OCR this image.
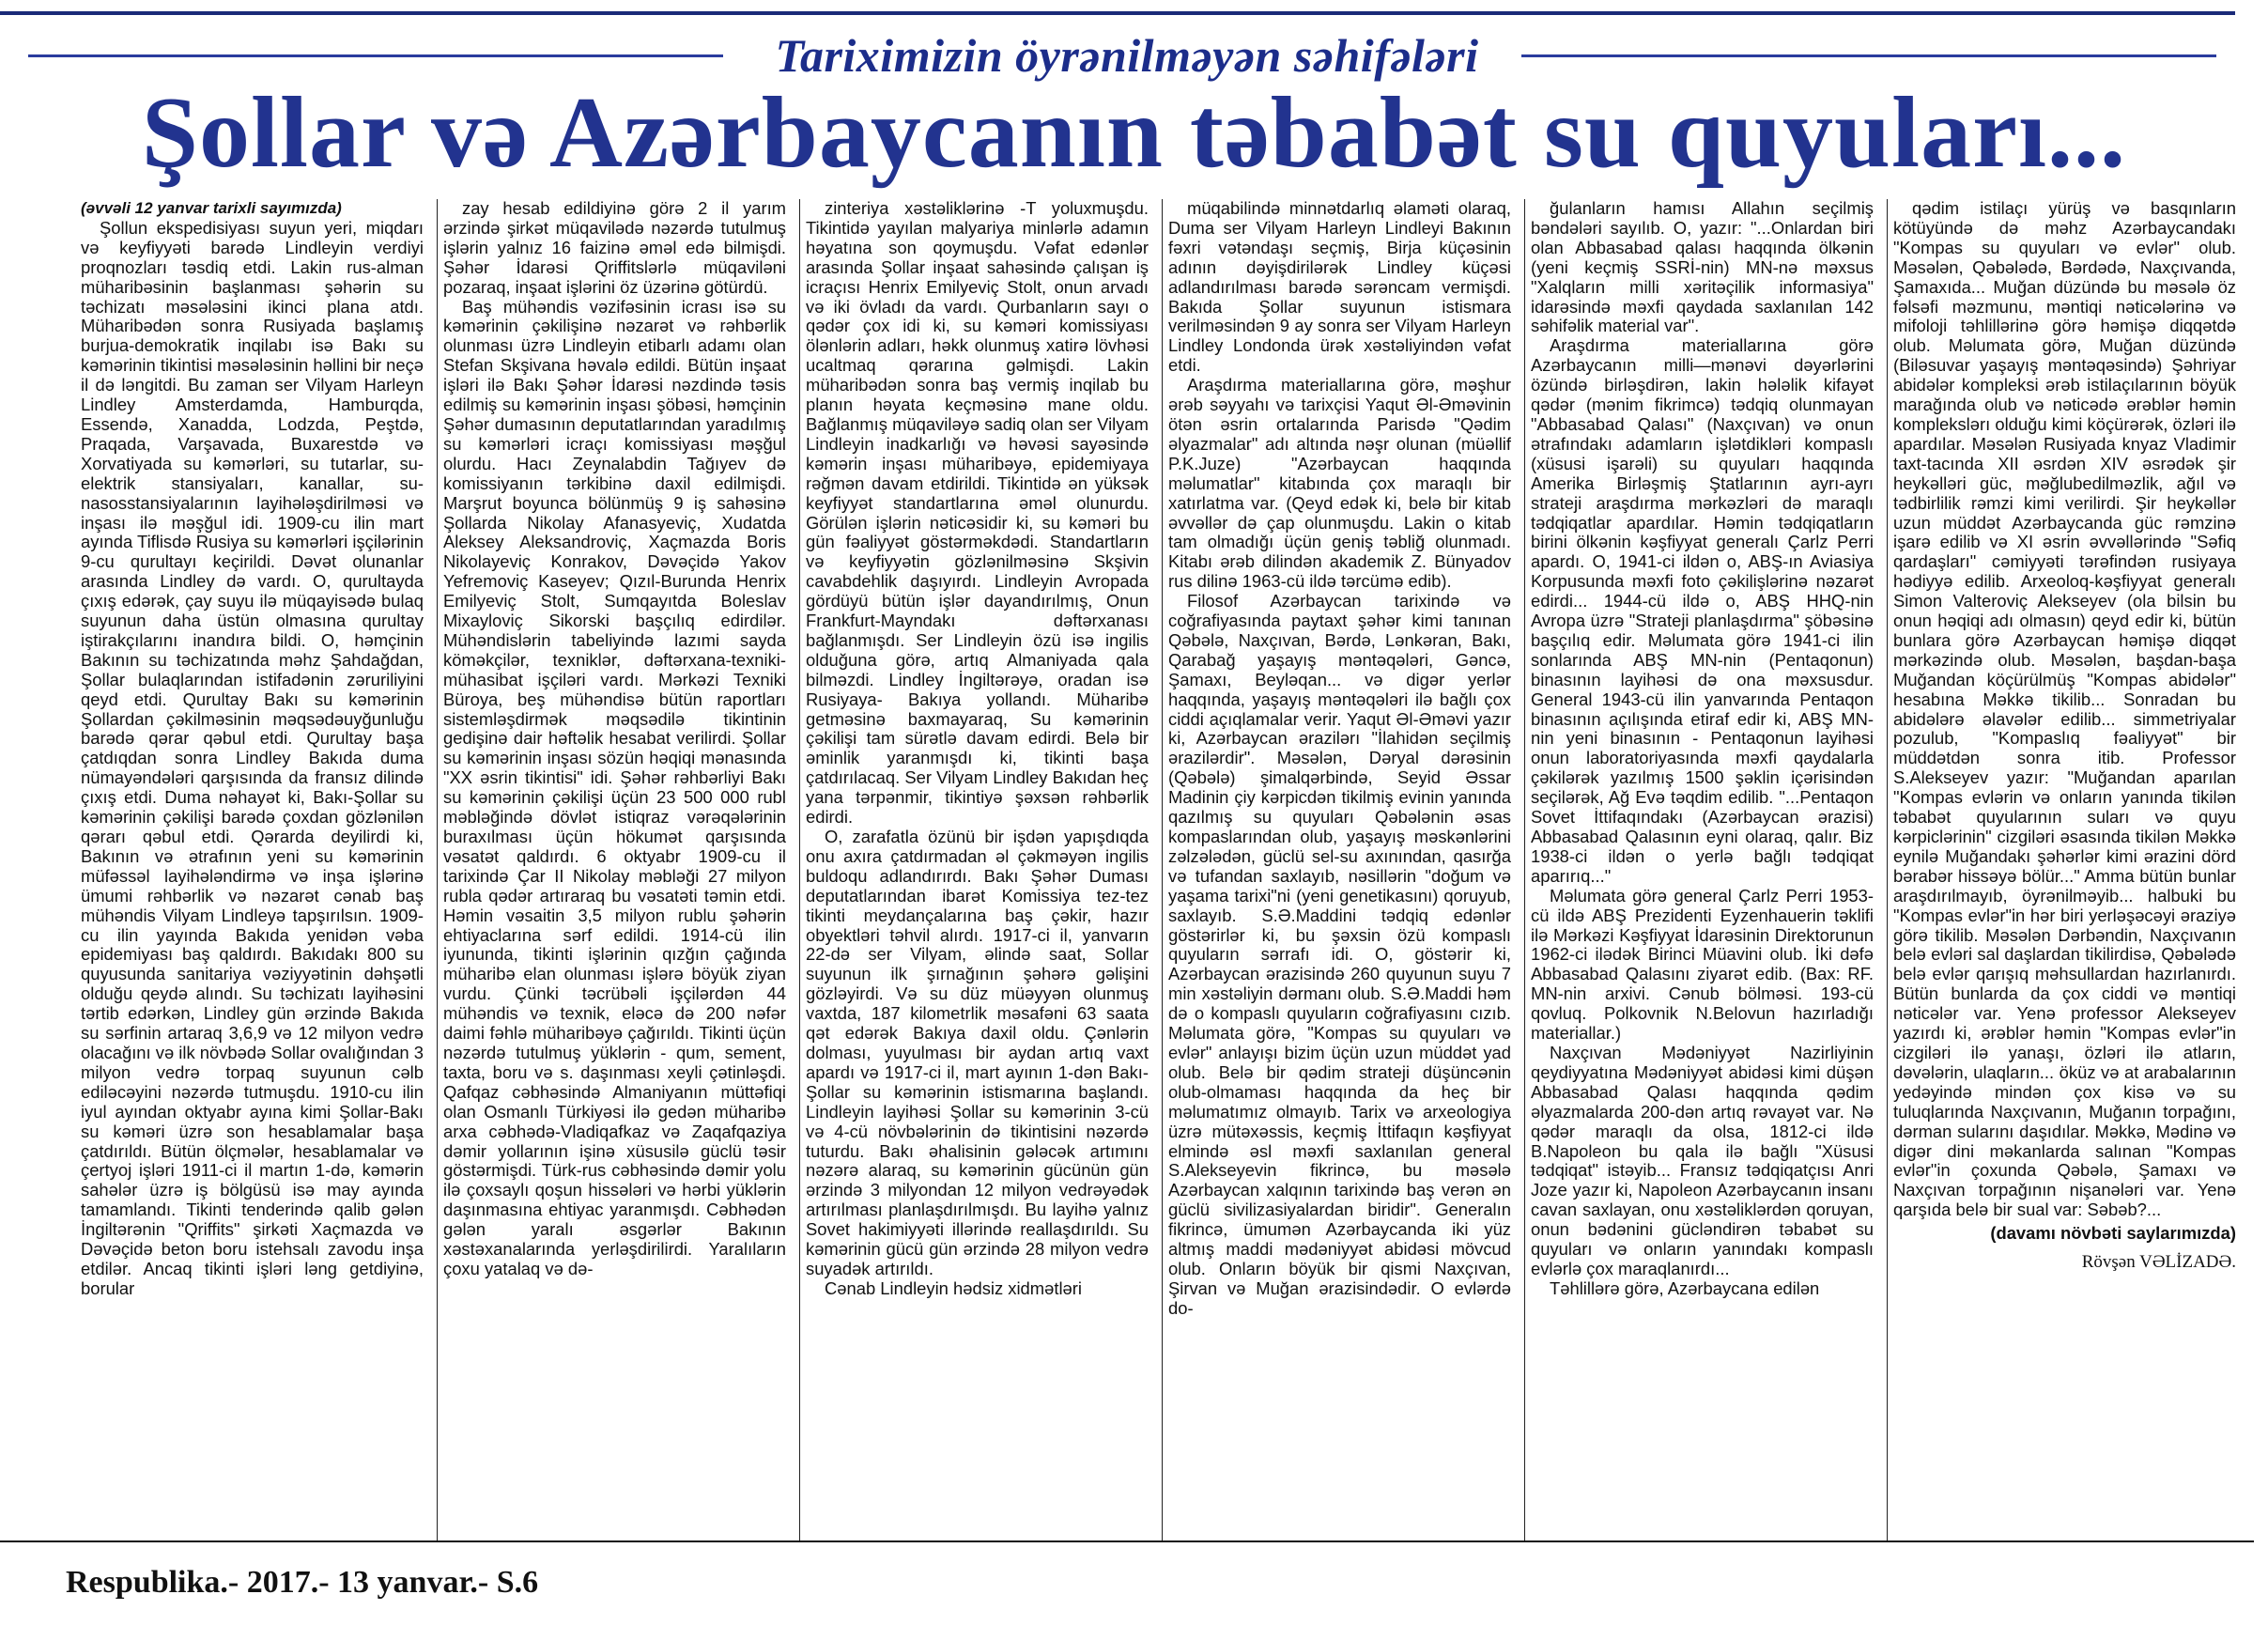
Tariximizin öyrənilməyən səhifələri
Şollar və Azərbaycanın təbabət su quyuları...

(əvvəli 12 yanvar tarixli sayımızda)

Şollun ekspedisiyası suyun yeri, miqdarı və keyfiyyəti barədə Lindleyin verdiyi proqnozları təsdiq etdi. Lakin rus-alman müharibəsinin başlanması şəhərin su təchizatı məsələsini ikinci plana atdı. Müharibədən sonra Rusiyada başlamış burjua-demokratik inqilabı isə Bakı su kəmərinin tikintisi məsələsinin həllini bir neçə il də ləngitdi. Bu zaman ser Vilyam Harleyn Lindley Amsterdamda, Hamburqda, Essendə, Xanadda, Lodzda, Peştdə, Praqada, Varşavada, Buxarestdə və Xorvatiyada su kəmərləri, su tutarlar, su-elektrik stansiyaları, kanallar, su-nasosstansiyalarının layihələşdirilməsi və inşası ilə məşğul idi. 1909-cu ilin mart ayında Tiflisdə Rusiya su kəmərləri işçilərinin 9-cu qurultayı keçirildi. Dəvət olunanlar arasında Lindley də vardı. O, qurultayda çıxış edərək, çay suyu ilə müqayisədə bulaq suyunun daha üstün olmasına qurultay iştirakçılarını inandıra bildi. O, həmçinin Bakının su təchizatında məhz Şahdağdan, Şollar bulaqlarından istifadənin zəruriliyini qeyd etdi. Qurultay Bakı su kəmərinin Şollardan çəkilməsinin məqsədəuyğunluğu barədə qərar qəbul etdi. Qurultay başa çatdıqdan sonra Lindley Bakıda duma nümayəndələri qarşısında da fransız dilində çıxış etdi. Duma nəhayət ki, Bakı-Şollar su kəmərinin çəkilişi barədə çoxdan gözlənilən qərarı qəbul etdi. Qərarda deyilirdi ki, Bakının və ətrafının yeni su kəmərinin müfəssəl layihələndirmə və inşa işlərinə ümumi rəhbərlik və nəzarət cənab baş mühəndis Vilyam Lindleyə tapşırılsın. 1909-cu ilin yayında Bakıda yenidən vəba epidemiyası baş qaldırdı. Bakıdakı 800 su quyusunda sanitariya vəziyyətinin dəhşətli olduğu qeydə alındı. Su təchizatı layihəsini tərtib edərkən, Lindley gün ərzində Bakıda su sərfinin artaraq 3,6,9 və 12 milyon vedrə olacağını və ilk növbədə Sollar ovalığından 3 milyon vedrə torpaq suyunun cəlb ediləcəyini nəzərdə tutmuşdu. 1910-cu ilin iyul ayından oktyabr ayına kimi Şollar-Bakı su kəməri üzrə son hesablamalar başa çatdırıldı. Bütün ölçmələr, hesablamalar və çertyoj işləri 1911-ci il martın 1-də, kəmərin sahələr üzrə iş bölgüsü isə may ayında tamamlandı. Tikinti tenderində qalib gələn İngiltərənin "Qriffits" şirkəti Xaçmazda və Dəvəçidə beton boru istehsalı zavodu inşa etdilər. Ancaq tikinti işləri ləng getdiyinə, borular

zay hesab edildiyinə görə 2 il yarım ərzində şirkət müqavilədə nəzərdə tutulmuş işlərin yalnız 16 faizinə əməl edə bilmişdi. Şəhər İdarəsi Qriffitslərlə müqaviləni pozaraq, inşaat işlərini öz üzərinə götürdü.

Baş mühəndis vəzifəsinin icrası isə su kəmərinin çəkilişinə nəzarət və rəhbərlik olunması üzrə Lindleyin etibarlı adamı olan Stefan Skşivana həvalə edildi. Bütün inşaat işləri ilə Bakı Şəhər İdarəsi nəzdində təsis edilmiş su kəmərinin inşası şöbəsi, həmçinin Şəhər dumasının deputatlarından yaradılmış su kəmərləri icraçı komissiyası məşğul olurdu. Hacı Zeynalabdin Tağıyev də komissiyanın tərkibinə daxil edilmişdi. Marşrut boyunca bölünmüş 9 iş sahəsinə Şollarda Nikolay Afanasyeviç, Xudatda Aleksey Aleksandroviç, Xaçmazda Boris Nikolayeviç Konrakov, Dəvəçidə Yakov Yefremoviç Kaseyev; Qızıl-Burunda Henrix Emilyeviç Stolt, Sumqayıtda Boleslav Mixayloviç Sikorski başçılıq edirdilər. Mühəndislərin tabeliyində lazımi sayda köməkçilər, texniklər, dəftərxana-texniki-mühasibat işçiləri vardı. Mərkəzi Texniki Büroya, beş mühəndisə bütün raportları sistemləşdirmək məqsədilə tikintinin gedişinə dair həftəlik hesabat verilirdi. Şollar su kəmərinin inşası sözün həqiqi mənasında "XX əsrin tikintisi" idi. Şəhər rəhbərliyi Bakı su kəmərinin çəkilişi üçün 23 500 000 rubl məbləğində dövlət istiqraz vərəqələrinin buraxılması üçün hökumət qarşısında vəsatət qaldırdı. 6 oktyabr 1909-cu il tarixində Çar II Nikolay məbləği 27 milyon rubla qədər artıraraq bu vəsatəti təmin etdi. Həmin vəsaitin 3,5 milyon rublu şəhərin ehtiyaclarına sərf edildi. 1914-cü ilin iyununda, tikinti işlərinin qızğın çağında müharibə elan olunması işlərə böyük ziyan vurdu. Çünki təcrübəli işçilərdən 44 mühəndis və texnik, eləcə də 200 nəfər daimi fəhlə müharibəyə çağırıldı. Tikinti üçün nəzərdə tutulmuş yüklərin - qum, sement, taxta, boru və s. daşınması xeyli çətinləşdi. Qafqaz cəbhəsində Almaniyanın müttəfiqi olan Osmanlı Türkiyəsi ilə gedən müharibə arxa cəbhədə-Vladiqafkaz və Zaqafqaziya dəmir yollarının işinə xüsusilə güclü təsir göstərmişdi. Türk-rus cəbhəsində dəmir yolu ilə çoxsaylı qoşun hissələri və hərbi yüklərin daşınmasına ehtiyac yaranmışdı. Cəbhədən gələn yaralı əsgərlər Bakının xəstəxanalarında yerləşdirilirdi. Yaralıların çoxu yatalaq və də-

zinteriya xəstəliklərinə -T yoluxmuşdu. Tikintidə yayılan malyariya minlərlə adamın həyatına son qoymuşdu. Vəfat edənlər arasında Şollar inşaat sahəsində çalışan iş icraçısı Henrix Emilyeviç Stolt, onun arvadı və iki övladı da vardı. Qurbanların sayı o qədər çox idi ki, su kəməri komissiyası ölənlərin adları, həkk olunmuş xatirə lövhəsi ucaltmaq qərarına gəlmişdi. Lakin müharibədən sonra baş vermiş inqilab bu planın həyata keçməsinə mane oldu. Bağlanmış müqaviləyə sadiq olan ser Vilyam Lindleyin inadkarlığı və həvəsi sayəsində kəmərin inşası müharibəyə, epidemiyaya rəğmən davam etdirildi. Tikintidə ən yüksək keyfiyyət standartlarına əməl olunurdu. Görülən işlərin nəticəsidir ki, su kəməri bu gün fəaliyyət göstərməkdədi. Standartların və keyfiyyətin gözlənilməsinə Skşivin cavabdehlik daşıyırdı. Lindleyin Avropada gördüyü bütün işlər dayandırılmış, Onun Frankfurt-Mayndakı dəftərxanası bağlanmışdı. Ser Lindleyin özü isə ingilis olduğuna görə, artıq Almaniyada qala bilməzdi. Lindley İngiltərəyə, oradan isə Rusiyaya- Bakıya yollandı. Müharibə getməsinə baxmayaraq, Su kəmərinin çəkilişi tam sürətlə davam edirdi. Belə bir əminlik yaranmışdı ki, tikinti başa çatdırılacaq. Ser Vilyam Lindley Bakıdan heç yana tərpənmir, tikintiyə şəxsən rəhbərlik edirdi.

O, zarafatla özünü bir işdən yapışdıqda onu axıra çatdırmadan əl çəkməyən ingilis buldoqu adlandırırdı. Bakı Şəhər Duması deputatlarından ibarət Komissiya tez-tez tikinti meydançalarına baş çəkir, hazır obyektləri təhvil alırdı. 1917-ci il, yanvarın 22-də ser Vilyam, əlində saat, Sollar suyunun ilk şırnağının şəhərə gəlişini gözləyirdi. Və su düz müəyyən olunmuş vaxtda, 187 kilometrlik məsafəni 63 saata qət edərək Bakıya daxil oldu. Çənlərin dolması, yuyulması bir aydan artıq vaxt apardı və 1917-ci il, mart ayının 1-dən Bakı-Şollar su kəmərinin istismarına başlandı. Lindleyin layihəsi Şollar su kəmərinin 3-cü və 4-cü növbələrinin də tikintisini nəzərdə tuturdu. Bakı əhalisinin gələcək artımını nəzərə alaraq, su kəmərinin gücünün gün ərzində 3 milyondan 12 milyon vedrəyədək artırılması planlaşdırılmışdı. Bu layihə yalnız Sovet hakimiyyəti illərində reallaşdırıldı. Su kəmərinin gücü gün ərzində 28 milyon vedrə suyadək artırıldı.

Cənab Lindleyin hədsiz xidmətləri

müqabilində minnətdarlıq əlaməti olaraq, Duma ser Vilyam Harleyn Lindleyi Bakının fəxri vətəndaşı seçmiş, Birja küçəsinin adının dəyişdirilərək Lindley küçəsi adlandırılması barədə sərəncam vermişdi. Bakıda Şollar suyunun istismara verilməsindən 9 ay sonra ser Vilyam Harleyn Lindley Londonda ürək xəstəliyindən vəfat etdi.

Araşdırma materiallarına görə, məşhur ərəb səyyahı və tarixçisi Yaqut Əl-Əməvinin ötən əsrin ortalarında Parisdə "Qədim əlyazmalar" adı altında nəşr olunan (müəllif P.K.Juze) "Azərbaycan haqqında məlumatlar" kitabında çox maraqlı bir xatırlatma var. (Qeyd edək ki, belə bir kitab əvvəllər də çap olunmuşdu. Lakin o kitab tam olmadığı üçün geniş təbliğ olunmadı. Kitabı ərəb dilindən akademik Z. Bünyadov rus dilinə 1963-cü ildə tərcümə edib).

Filosof Azərbaycan tarixində və coğrafiyasında paytaxt şəhər kimi tanınan Qəbələ, Naxçıvan, Bərdə, Lənkəran, Bakı, Qarabağ yaşayış məntəqələri, Gəncə, Şamaxı, Beyləqan... və digər yerlər haqqında, yaşayış məntəqələri ilə bağlı çox ciddi açıqlamalar verir. Yaqut Əl-Əməvi yazır ki, Azərbaycan ərazilərı "İlahidən seçilmiş ərazilərdir". Məsələn, Dəryal dərəsinin (Qəbələ) şimalqərbində, Seyid Əssar Madinin çiy kərpicdən tikilmiş evinin yanında qazılmış su quyuları Qəbələnin əsas kompaslarından olub, yaşayış məskənlərini zəlzələdən, güclü sel-su axınından, qasırğa və tufandan saxlayıb, nəsillərin "doğum və yaşama tarixi"ni (yeni genetikasını) qoruyub, saxlayıb. S.Ə.Maddini tədqiq edənlər göstərirlər ki, bu şəxsin özü kompaslı quyuların sərrafı idi. O, göstərir ki, Azərbaycan ərazisində 260 quyunun suyu 7 min xəstəliyin dərmanı olub. S.Ə.Maddi həm də o kompaslı quyuların coğrafiyasını cızıb. Məlumata görə, "Kompas su quyuları və evlər" anlayışı bizim üçün uzun müddət yad olub. Belə bir qədim strateji düşüncənin olub-olmaması haqqında da heç bir məlumatımız olmayıb. Tarix və arxeologiya üzrə mütəxəssis, keçmiş İttifaqın kəşfiyyat elmində əsl məxfi saxlanılan general S.Alekseyevin fikrincə, bu məsələ Azərbaycan xalqının tarixində baş verən ən güclü sivilizasiyalardan biridir". Generalın fikrincə, ümumən Azərbaycanda iki yüz altmış maddi mədəniyyət abidəsi mövcud olub. Onların böyük bir qismi Naxçıvan, Şirvan və Muğan ərazisindədir. O evlərdə do-

ğulanların hamısı Allahın seçilmiş bəndələri sayılıb. O, yazır: "...Onlardan biri olan Abbasabad qalası haqqında ölkənin (yeni keçmiş SSRİ-nin) MN-nə məxsus "Xalqların milli xəritəçilik informasiya" idarəsində məxfi qaydada saxlanılan 142 səhifəlik material var".

Araşdırma materiallarına görə Azərbaycanın milli—mənəvi dəyərlərini özündə birləşdirən, lakin hələlik kifayət qədər (mənim fikrimcə) tədqiq olunmayan "Abbasabad Qalası" (Naxçıvan) və onun ətrafındakı adamların işlətdikləri kompaslı (xüsusi işarəli) su quyuları haqqında Amerika Birləşmiş Ştatlarının ayrı-ayrı strateji araşdırma mərkəzləri də maraqlı tədqiqatlar apardılar. Həmin tədqiqatların birini ölkənin kəşfiyyat generalı Çarlz Perri apardı. O, 1941-ci ildən o, ABŞ-ın Aviasiya Korpusunda məxfi foto çəkilişlərinə nəzarət edirdi... 1944-cü ildə o, ABŞ HHQ-nin Avropa üzrə "Strateji planlaşdırma" şöbəsinə başçılıq edir. Məlumata görə 1941-ci ilin sonlarında ABŞ MN-nin (Pentaqonun) binasının layihəsi də ona məxsusdur. General 1943-cü ilin yanvarında Pentaqon binasının açılışında etiraf edir ki, ABŞ MN-nin yeni binasının - Pentaqonun layihəsi onun laboratoriyasında məxfi qaydalarla çəkilərək yazılmış 1500 şəklin içərisindən seçilərək, Ağ Evə təqdim edilib. "...Pentaqon Sovet İttifaqındakı (Azərbaycan ərazisi) Abbasabad Qalasının eyni olaraq, qalır. Biz 1938-ci ildən o yerlə bağlı tədqiqat aparırıq..."

Məlumata görə general Çarlz Perri 1953-cü ildə ABŞ Prezidenti Eyzenhauerin təklifi ilə Mərkəzi Kəşfiyyat İdarəsinin Direktorunun 1962-ci ilədək Birinci Müavini olub. İki dəfə Abbasabad Qalasını ziyarət edib. (Bax: RF. MN-nin arxivi. Cənub bölməsi. 193-cü qovluq. Polkovnik N.Belovun hazırladığı materiallar.)

Naxçıvan Mədəniyyət Nazirliyinin qeydiyyatına Mədəniyyət abidəsi kimi düşən Abbasabad Qalası haqqında qədim əlyazmalarda 200-dən artıq rəvayət var. Nə qədər maraqlı da olsa, 1812-ci ildə B.Napoleon bu qala ilə bağlı "Xüsusi tədqiqat" istəyib... Fransız tədqiqatçısı Anri Joze yazır ki, Napoleon Azərbaycanın insanı cavan saxlayan, onu xəstəliklərdən qoruyan, onun bədənini gücləndirən təbabət su quyuları və onların yanındakı kompaslı evlərlə çox maraqlanırdı...

Təhlillərə görə, Azərbaycana edilən

qədim istilaçı yürüş və basqınların kötüyündə də məhz Azərbaycandakı "Kompas su quyuları və evlər" olub. Məsələn, Qəbələdə, Bərdədə, Naxçıvanda, Şamaxıda... Muğan düzündə bu məsələ öz fəlsəfi məzmunu, məntiqi nəticələrinə və mifoloji təhlillərinə görə həmişə diqqətdə olub. Məlumata görə, Muğan düzündə (Biləsuvar yaşayış məntəqəsində) Şəhriyar abidələr kompleksi ərəb istilaçılarının böyük marağında olub və nəticədə ərəblər həmin komplekslərı olduğu kimi köçürərək, özləri ilə apardılar. Məsələn Rusiyada knyaz Vladimir taxt-tacında XII əsrdən XIV əsrədək şir heykəlləri güc, məğlubedilməzlik, ağıl və tədbirlilik rəmzi kimi verilirdi. Şir heykəllər uzun müddət Azərbaycanda güc rəmzinə işarə edilib və XI əsrin əvvəllərində "Səfiq qardaşları" cəmiyyəti tərəfindən rusiyaya hədiyyə edilib. Arxeoloq-kəşfiyyat generalı Simon Valteroviç Alekseyev (ola bilsin bu onun həqiqi adı olmasın) qeyd edir ki, bütün bunlara görə Azərbaycan həmişə diqqət mərkəzində olub. Məsələn, başdan-başa Muğandan köçürülmüş "Kompas abidələr" hesabına Məkkə tikilib... Sonradan bu abidələrə əlavələr edilib... simmetriyalar pozulub, "Kompaslıq fəaliyyət" bir müddətdən sonra itib. Professor S.Alekseyev yazır: "Muğandan aparılan "Kompas evlərin və onların yanında tikilən təbabət quyularının suları və quyu kərpiclərinin" cizgiləri əsasında tikilən Məkkə eynilə Muğandakı şəhərlər kimi ərazini dörd bərabər hissəyə bölür..." Amma bütün bunlar araşdırılmayıb, öyrənilməyib... halbuki bu "Kompas evlər"in hər biri yerləşəcəyi əraziyə görə tikilib. Məsələn Dərbəndin, Naxçıvanın belə evləri sal daşlardan tikilirdisə, Qəbələdə belə evlər qarışıq məhsullardan hazırlanırdı. Bütün bunlarda da çox ciddi və məntiqi nəticələr var. Yenə professor Alekseyev yazırdı ki, ərəblər həmin "Kompas evlər"in cizgiləri ilə yanaşı, özləri ilə atların, dəvələrin, ulaqların... öküz və at arabalarının yedəyində mindən çox kisə və su tuluqlarında Naxçıvanın, Muğanın torpağını, dərman sularını daşıdılar. Məkkə, Mədinə və digər dini məkanlarda salınan "Kompas evlər"in çoxunda Qəbələ, Şamaxı və Naxçıvan torpağının nişanələri var. Yenə qarşıda belə bir sual var: Səbəb?...

(davamı növbəti saylarımızda)

Rövşən VƏLİZADƏ.

Respublika.- 2017.- 13 yanvar.- S.6
